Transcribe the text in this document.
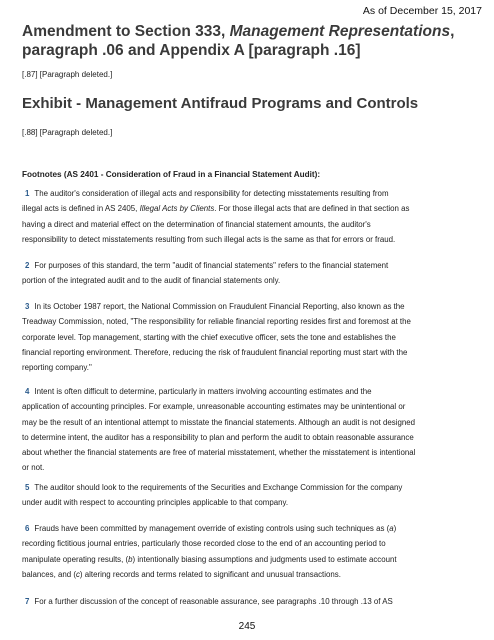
As of December 15, 2017
Amendment to Section 333, Management Representations, paragraph .06 and Appendix A [paragraph .16]

[.87] [Paragraph deleted.]

Exhibit - Management Antifraud Programs and Controls

[.88] [Paragraph deleted.]

Footnotes (AS 2401 - Consideration of Fraud in a Financial Statement Audit):

1 The auditor's consideration of illegal acts and responsibility for detecting misstatements resulting from
illegal acts is defined in AS 2405, Illegal Acts by Clients. For those illegal acts that are defined in that section as
having a direct and material effect on the determination of financial statement amounts, the auditor's
responsibility to detect misstatements resulting from such illegal acts is the same as that for errors or fraud.
2 For purposes of this standard, the term "audit of financial statements" refers to the financial statement
portion of the integrated audit and to the audit of financial statements only.
3 In its October 1987 report, the National Commission on Fraudulent Financial Reporting, also known as the
Treadway Commission, noted, "The responsibility for reliable financial reporting resides first and foremost at the
corporate level. Top management, starting with the chief executive officer, sets the tone and establishes the
financial reporting environment. Therefore, reducing the risk of fraudulent financial reporting must start with the
reporting company."
4 Intent is often difficult to determine, particularly in matters involving accounting estimates and the
application of accounting principles. For example, unreasonable accounting estimates may be unintentional or
may be the result of an intentional attempt to misstate the financial statements. Although an audit is not designed
to determine intent, the auditor has a responsibility to plan and perform the audit to obtain reasonable assurance
about whether the financial statements are free of material misstatement, whether the misstatement is intentional
or not.
5 The auditor should look to the requirements of the Securities and Exchange Commission for the company
under audit with respect to accounting principles applicable to that company.
6 Frauds have been committed by management override of existing controls using such techniques as (a)
recording fictitious journal entries, particularly those recorded close to the end of an accounting period to
manipulate operating results, (b) intentionally biasing assumptions and judgments used to estimate account
balances, and (c) altering records and terms related to significant and unusual transactions.
7 For a further discussion of the concept of reasonable assurance, see paragraphs .10 through .13 of AS
245
